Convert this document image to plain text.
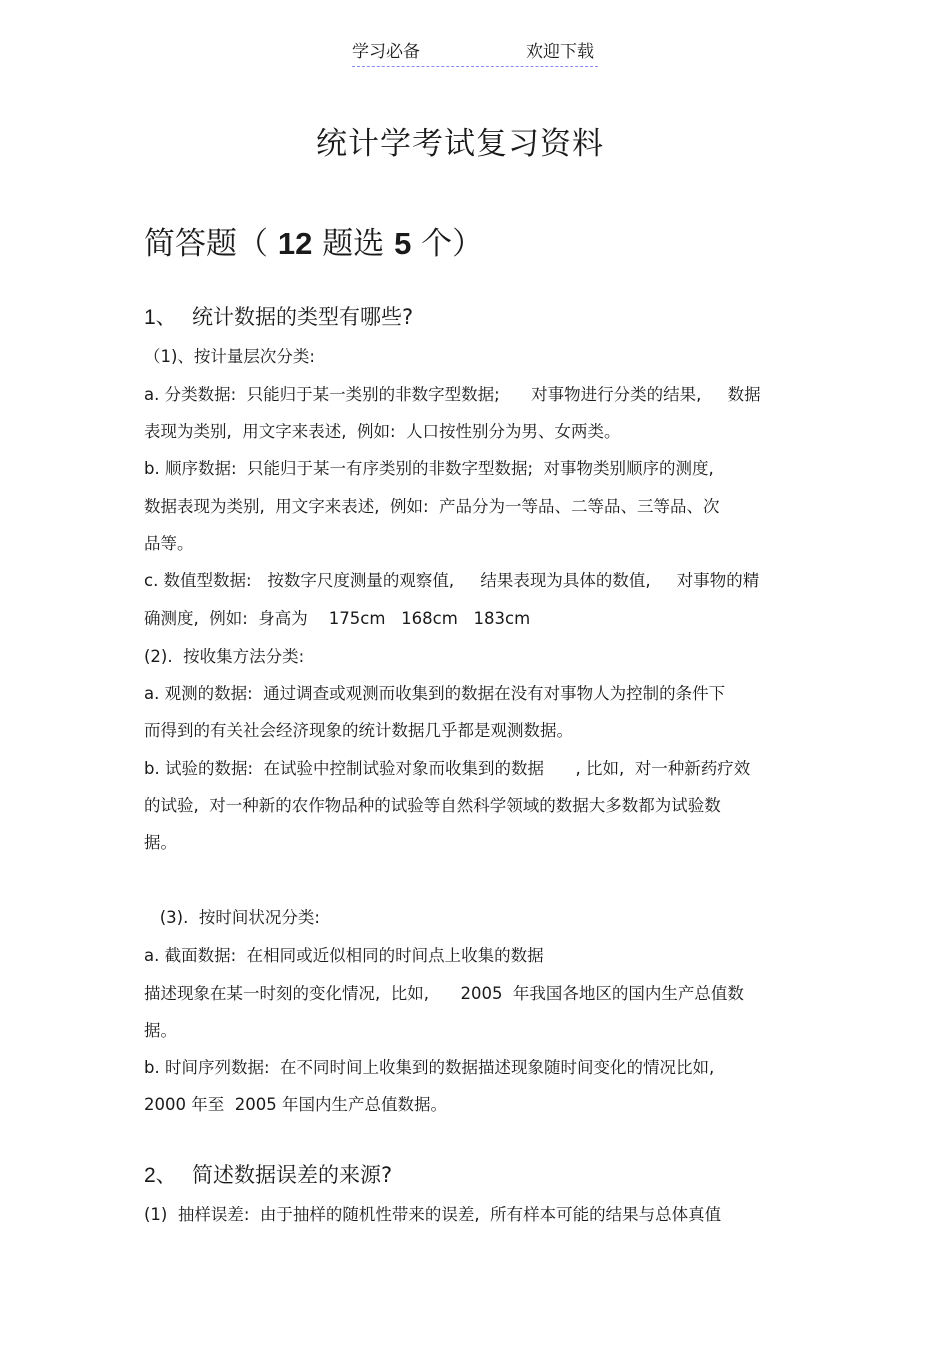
学习必备	欢迎下载
统计学考试复习资料
简答题（ 12 题选 5 个）
1、 统计数据的类型有哪些?
（1)、按计量层次分类:
a. 分类数据:  只能归于某一类别的非数字型数据;      对事物进行分类的结果,     数据
表现为类别,  用文字来表述,  例如:  人口按性别分为男、女两类。
b. 顺序数据:  只能归于某一有序类别的非数字型数据;  对事物类别顺序的测度,
数据表现为类别,  用文字来表述,  例如:  产品分为一等品、二等品、三等品、次
品等。
c. 数值型数据:   按数字尺度测量的观察值,     结果表现为具体的数值,     对事物的精
确测度,  例如:  身高为    175cm   168cm   183cm
(2).  按收集方法分类:
a. 观测的数据:  通过调查或观测而收集到的数据在没有对事物人为控制的条件下
而得到的有关社会经济现象的统计数据几乎都是观测数据。
b. 试验的数据:  在试验中控制试验对象而收集到的数据      , 比如,  对一种新药疗效
的试验,  对一种新的农作物品种的试验等自然科学领域的数据大多数都为试验数
据。
(3).  按时间状况分类:
a. 截面数据:  在相同或近似相同的时间点上收集的数据
描述现象在某一时刻的变化情况,  比如,      2005  年我国各地区的国内生产总值数
据。
b. 时间序列数据:  在不同时间上收集到的数据描述现象随时间变化的情况比如,
2000 年至  2005 年国内生产总值数据。
2、 简述数据误差的来源?
(1)  抽样误差:  由于抽样的随机性带来的误差,  所有样本可能的结果与总体真值
